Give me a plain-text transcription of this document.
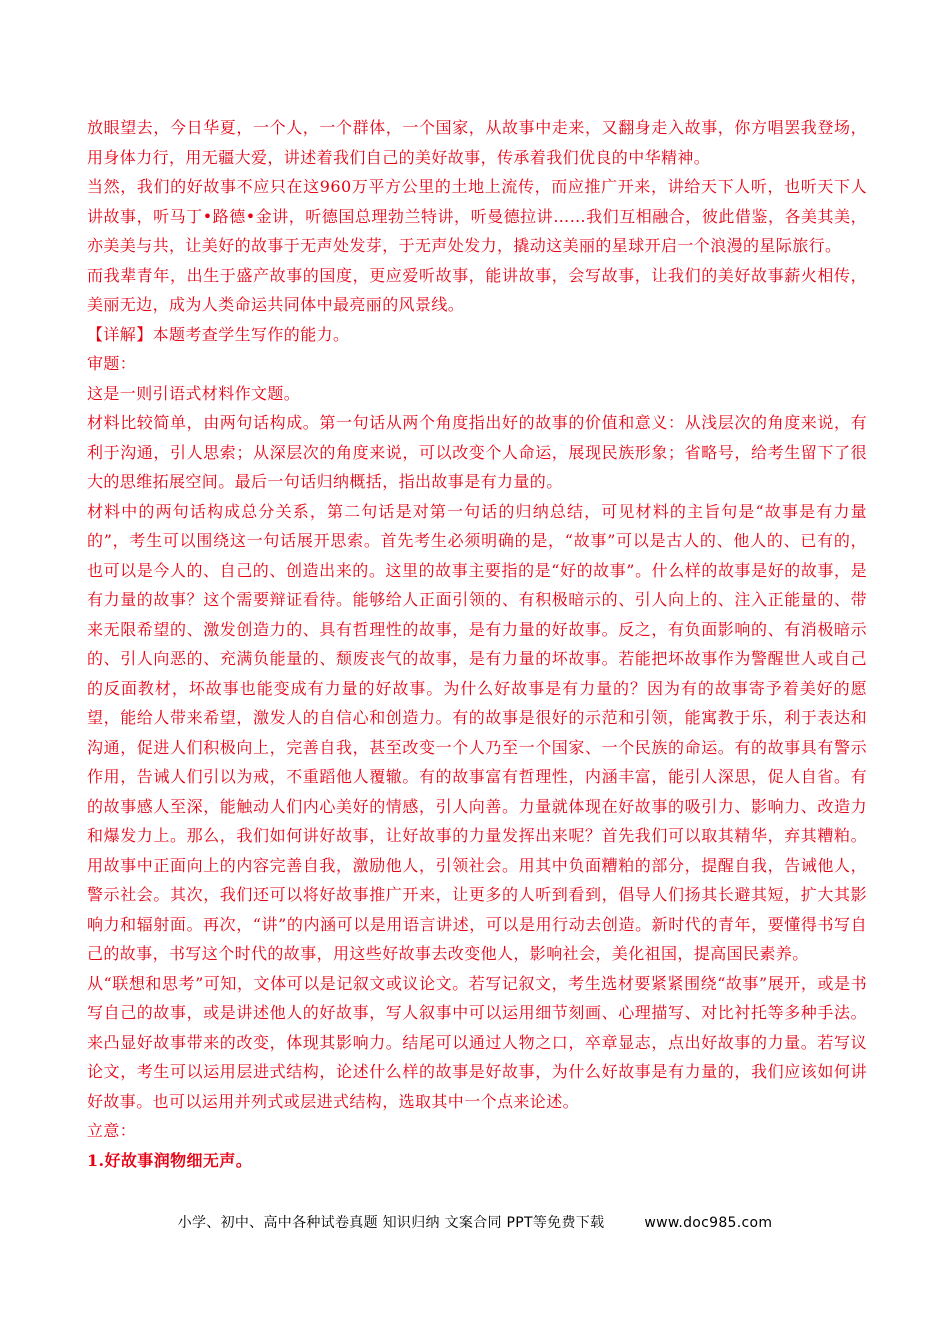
放眼望去，今日华夏，一个人，一个群体，一个国家，从故事中走来，又翻身走入故事，你方唱罢我登场，用身体力行，用无疆大爱，讲述着我们自己的美好故事，传承着我们优良的中华精神。

当然，我们的好故事不应只在这960万平方公里的土地上流传，而应推广开来，讲给天下人听，也听天下人讲故事，听马丁•路德•金讲，听德国总理勃兰特讲，听曼德拉讲……我们互相融合，彼此借鉴，各美其美，亦美美与共，让美好的故事于无声处发芽，于无声处发力，撬动这美丽的星球开启一个浪漫的星际旅行。

而我辈青年，出生于盛产故事的国度，更应爱听故事，能讲故事，会写故事，让我们的美好故事薪火相传，美丽无边，成为人类命运共同体中最亮丽的风景线。

【详解】本题考查学生写作的能力。

审题：

这是一则引语式材料作文题。

材料比较简单，由两句话构成。第一句话从两个角度指出好的故事的价值和意义：从浅层次的角度来说，有利于沟通，引人思索；从深层次的角度来说，可以改变个人命运，展现民族形象；省略号，给考生留下了很大的思维拓展空间。最后一句话归纳概括，指出故事是有力量的。

材料中的两句话构成总分关系，第二句话是对第一句话的归纳总结，可见材料的主旨句是“故事是有力量的”，考生可以围绕这一句话展开思索。首先考生必须明确的是，“故事”可以是古人的、他人的、已有的，也可以是今人的、自己的、创造出来的。这里的故事主要指的是“好的故事”。什么样的故事是好的故事，是有力量的故事？这个需要辩证看待。能够给人正面引领的、有积极暗示的、引人向上的、注入正能量的、带来无限希望的、激发创造力的、具有哲理性的故事，是有力量的好故事。反之，有负面影响的、有消极暗示的、引人向恶的、充满负能量的、颓废丧气的故事，是有力量的坏故事。若能把坏故事作为警醒世人或自己的反面教材，坏故事也能变成有力量的好故事。为什么好故事是有力量的？因为有的故事寄予着美好的愿望，能给人带来希望，激发人的自信心和创造力。有的故事是很好的示范和引领，能寓教于乐，利于表达和沟通，促进人们积极向上，完善自我，甚至改变一个人乃至一个国家、一个民族的命运。有的故事具有警示作用，告诫人们引以为戒，不重蹈他人覆辙。有的故事富有哲理性，内涵丰富，能引人深思，促人自省。有的故事感人至深，能触动人们内心美好的情感，引人向善。力量就体现在好故事的吸引力、影响力、改造力和爆发力上。那么，我们如何讲好故事，让好故事的力量发挥出来呢？首先我们可以取其精华，弃其糟粕。用故事中正面向上的内容完善自我，激励他人，引领社会。用其中负面糟粕的部分，提醒自我，告诫他人，警示社会。其次，我们还可以将好故事推广开来，让更多的人听到看到，倡导人们扬其长避其短，扩大其影响力和辐射面。再次，“讲”的内涵可以是用语言讲述，可以是用行动去创造。新时代的青年，要懂得书写自己的故事，书写这个时代的故事，用这些好故事去改变他人，影响社会，美化祖国，提高国民素养。

从“联想和思考”可知，文体可以是记叙文或议论文。若写记叙文，考生选材要紧紧围绕“故事”展开，或是书写自己的故事，或是讲述他人的好故事，写人叙事中可以运用细节刻画、心理描写、对比衬托等多种手法。来凸显好故事带来的改变，体现其影响力。结尾可以通过人物之口，卒章显志，点出好故事的力量。若写议论文，考生可以运用层进式结构，论述什么样的故事是好故事，为什么好故事是有力量的，我们应该如何讲好故事。也可以运用并列式或层进式结构，选取其中一个点来论述。

立意：

1.好故事润物细无声。

小学、初中、高中各种试卷真题 知识归纳 文案合同 PPT等免费下载	www.doc985.com
